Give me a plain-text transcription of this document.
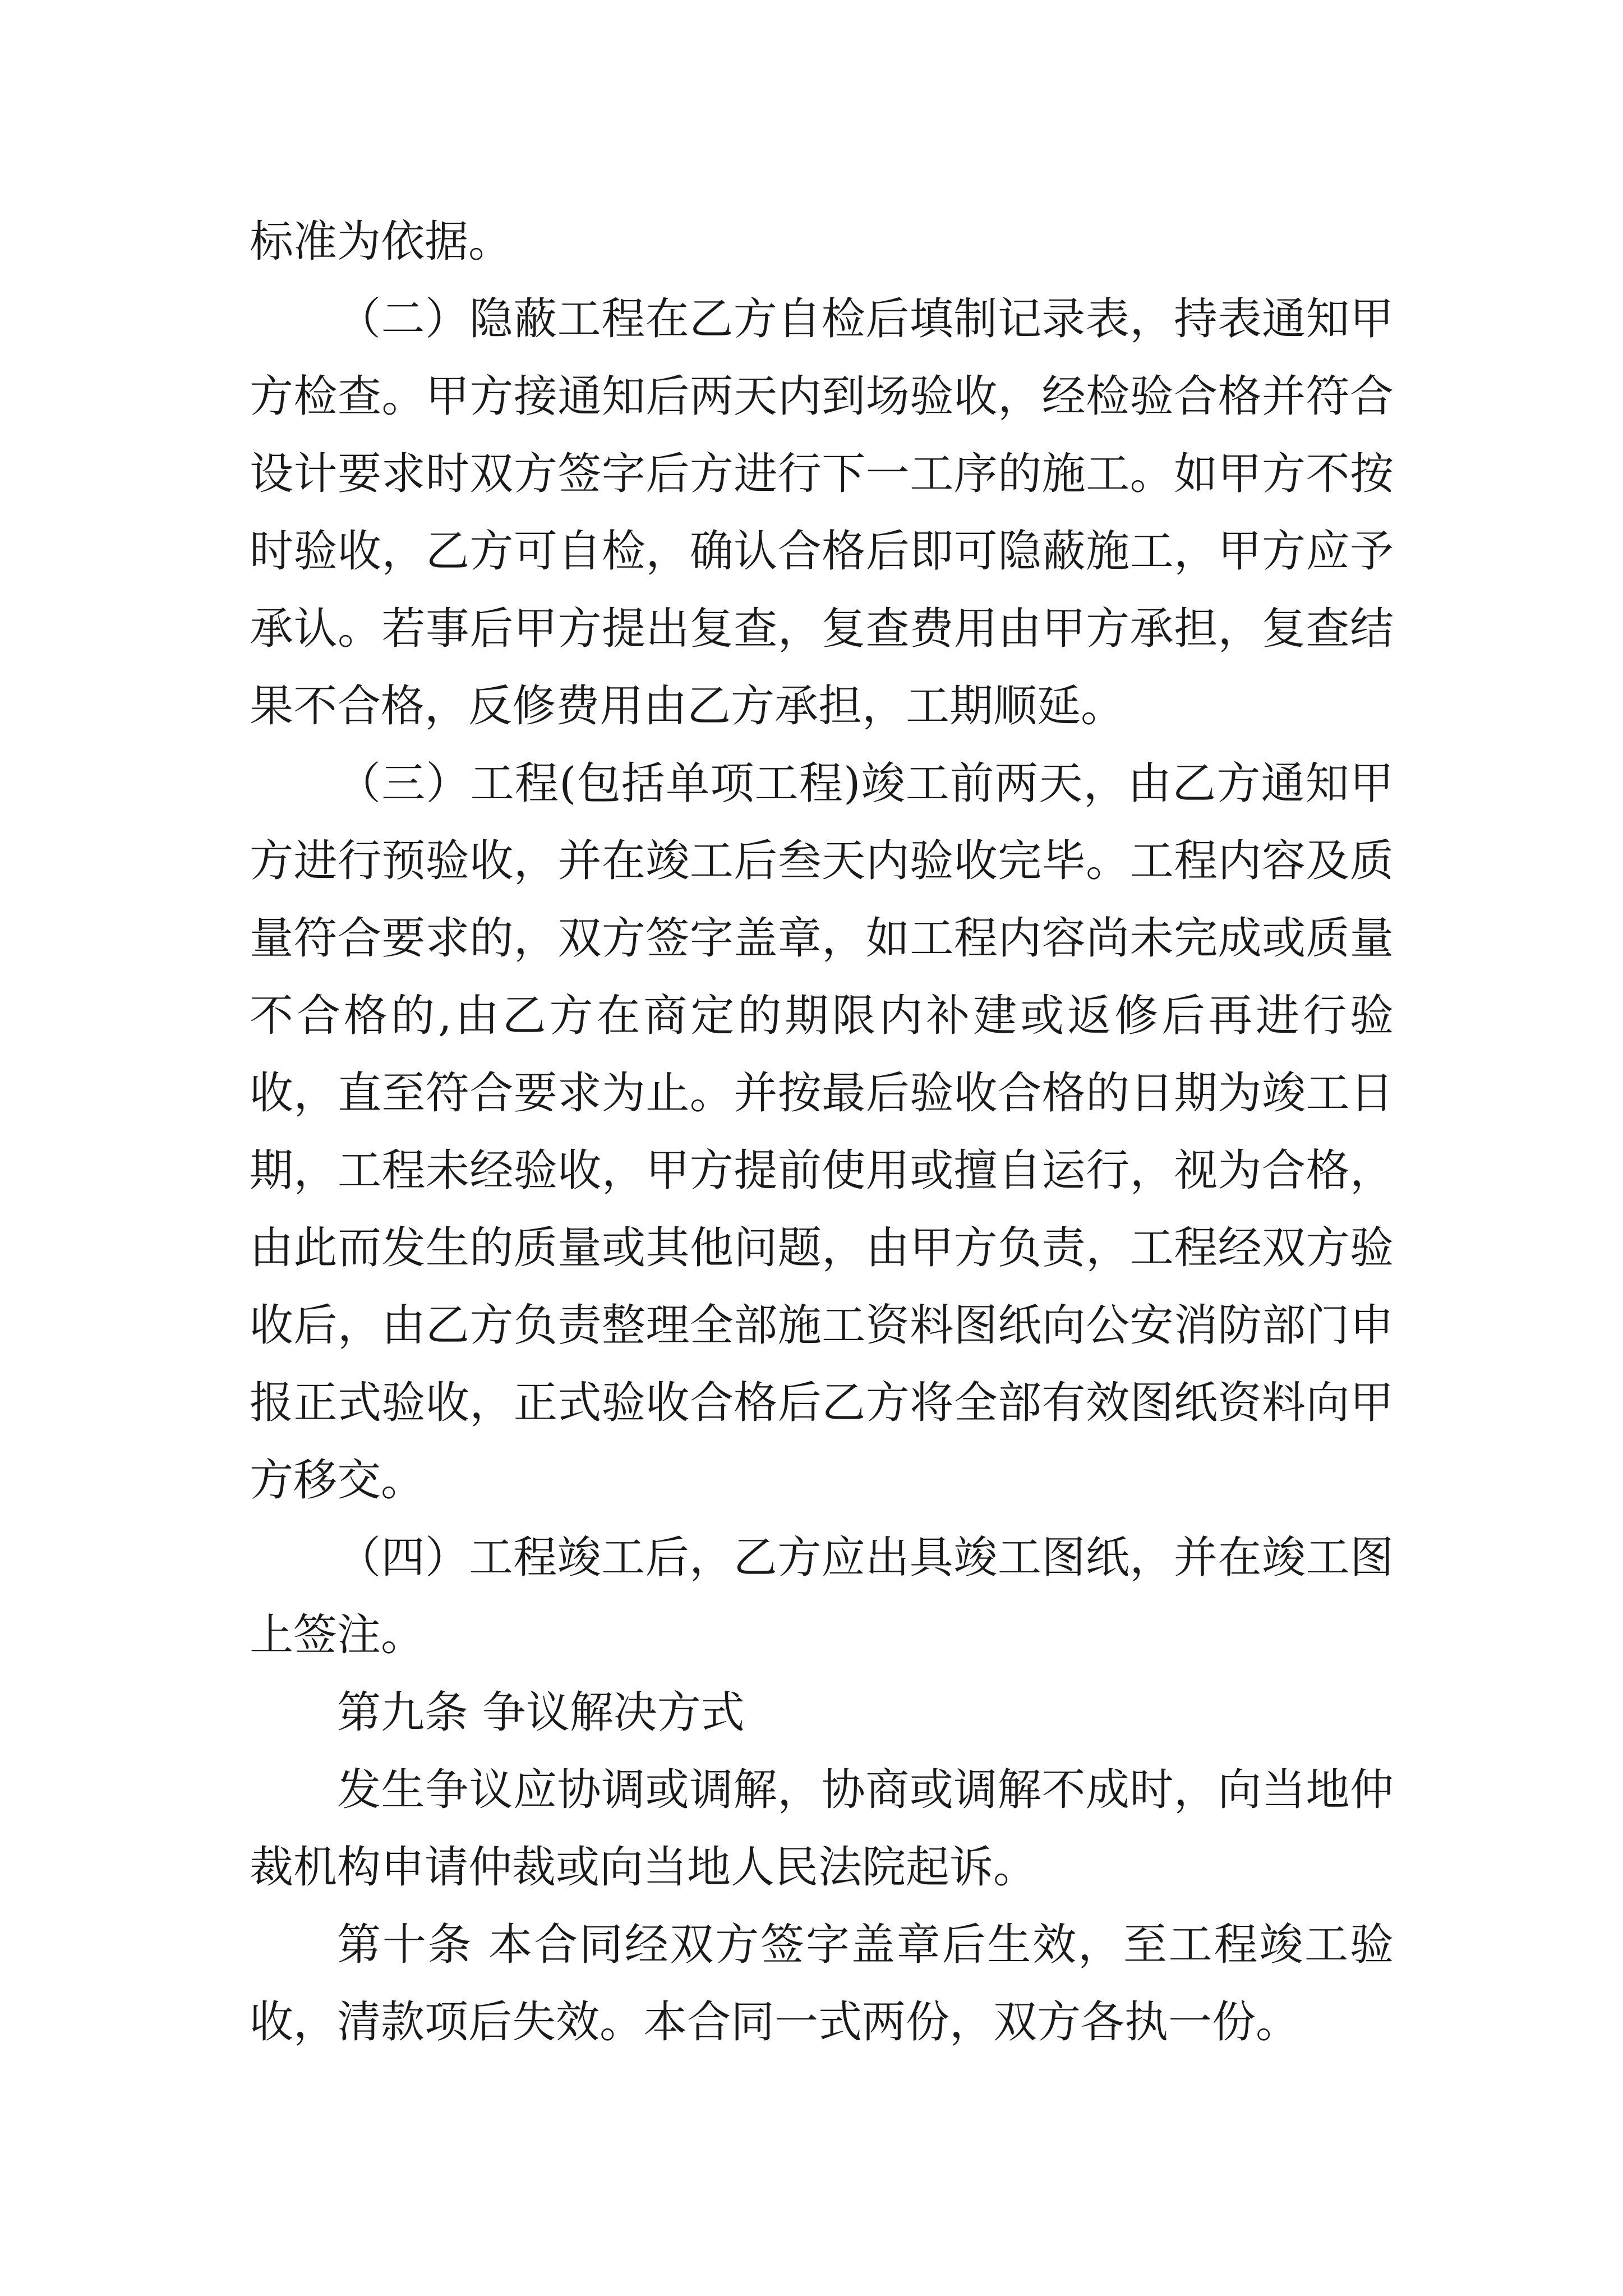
标准为依据。

（二）隐蔽工程在乙方自检后填制记录表，持表通知甲方检查。甲方接通知后两天内到场验收，经检验合格并符合设计要求时双方签字后方进行下一工序的施工。如甲方不按时验收，乙方可自检，确认合格后即可隐蔽施工，甲方应予承认。若事后甲方提出复查，复查费用由甲方承担，复查结果不合格，反修费用由乙方承担，工期顺延。

（三）工程(包括单项工程)竣工前两天，由乙方通知甲方进行预验收，并在竣工后叁天内验收完毕。工程内容及质量符合要求的，双方签字盖章，如工程内容尚未完成或质量不合格的,由乙方在商定的期限内补建或返修后再进行验收，直至符合要求为止。并按最后验收合格的日期为竣工日期，工程未经验收，甲方提前使用或擅自运行，视为合格，由此而发生的质量或其他问题，由甲方负责，工程经双方验收后，由乙方负责整理全部施工资料图纸向公安消防部门申报正式验收，正式验收合格后乙方将全部有效图纸资料向甲方移交。

（四）工程竣工后，乙方应出具竣工图纸，并在竣工图上签注。

第九条 争议解决方式

发生争议应协调或调解，协商或调解不成时，向当地仲裁机构申请仲裁或向当地人民法院起诉。

第十条 本合同经双方签字盖章后生效，至工程竣工验收，清款项后失效。本合同一式两份，双方各执一份。
